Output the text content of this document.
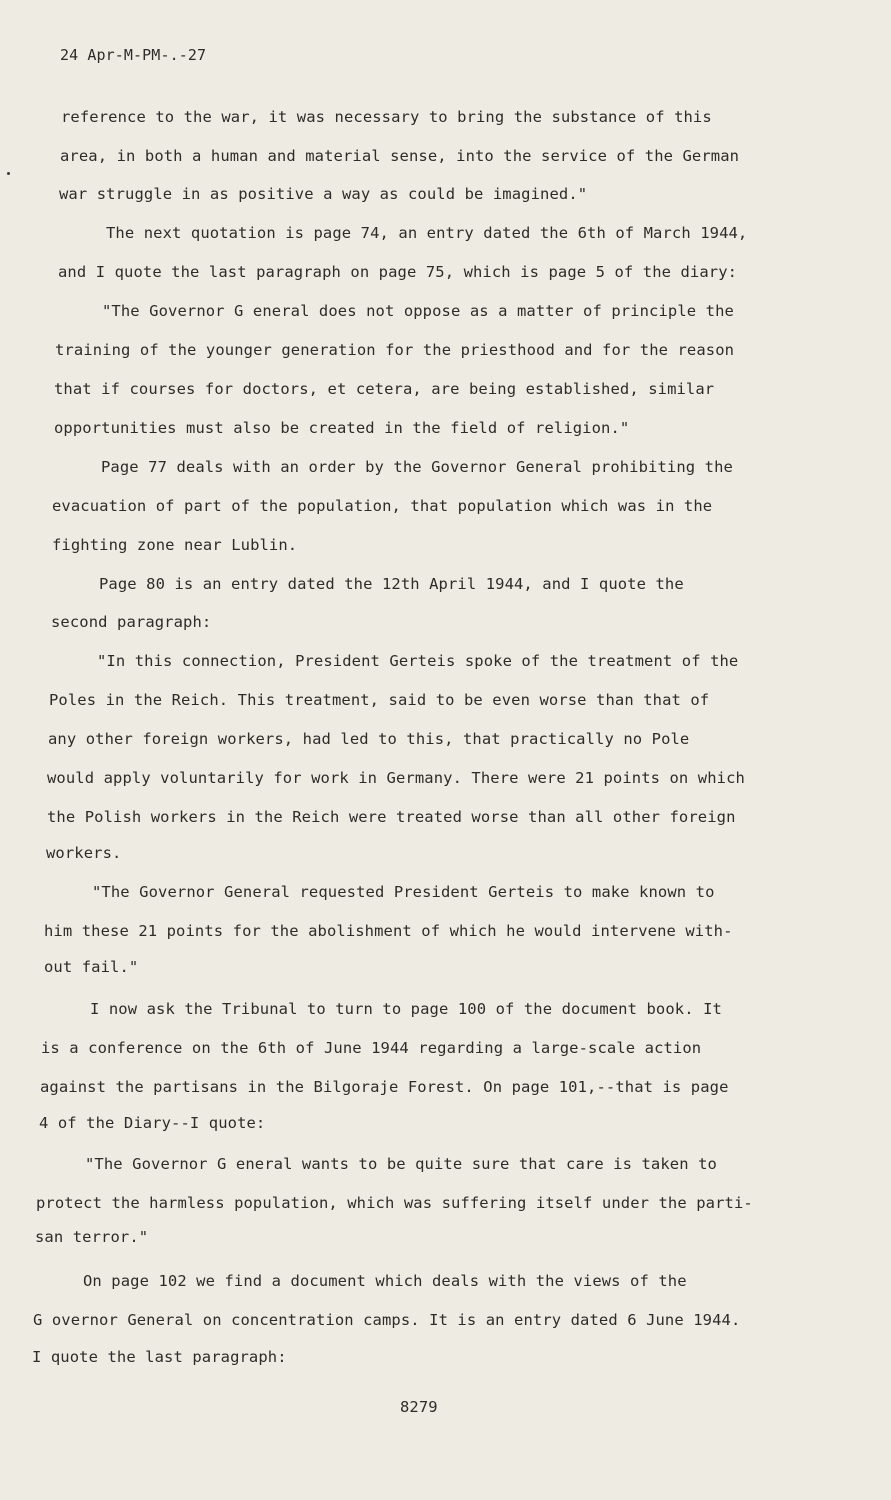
24 Apr-M-PM-.-27
reference to the war, it was necessary to bring the substance of this
area, in both a human and material sense, into the service of the German
war struggle in as positive a way as could be imagined."
The next quotation is page 74, an entry dated the 6th of March 1944,
and I quote the last paragraph on page 75, which is page 5 of the diary:
"The Governor G eneral does not oppose as a matter of principle the
training of the younger generation for the priesthood and for the reason
that if courses for doctors, et cetera, are being established, similar
opportunities must also be created in the field of religion."
Page 77 deals with an order by the Governor General prohibiting the
evacuation of part of the population, that population which was in the
fighting zone near Lublin.
Page 80 is an entry dated the 12th April 1944, and I quote the
second paragraph:
"In this connection, President Gerteis spoke of the treatment of the
Poles in the Reich. This treatment, said to be even worse than that of
any other foreign workers, had led to this, that practically no Pole
would apply voluntarily for work in Germany. There were 21 points on which
the Polish workers in the Reich were treated worse than all other foreign
workers.
"The Governor General requested President Gerteis to make known to
him these 21 points for the abolishment of which he would intervene with-
out fail."
I now ask the Tribunal to turn to page 100 of the document book. It
is a conference on the 6th of June 1944 regarding a large-scale action
against the partisans in the Bilgoraje Forest. On page 101,--that is page
4 of the Diary--I quote:
"The Governor G eneral wants to be quite sure that care is taken to
protect the harmless population, which was suffering itself under the parti-
san terror."
On page 102 we find a document which deals with the views of the
G overnor General on concentration camps. It is an entry dated 6 June 1944.
I quote the last paragraph:
8279
